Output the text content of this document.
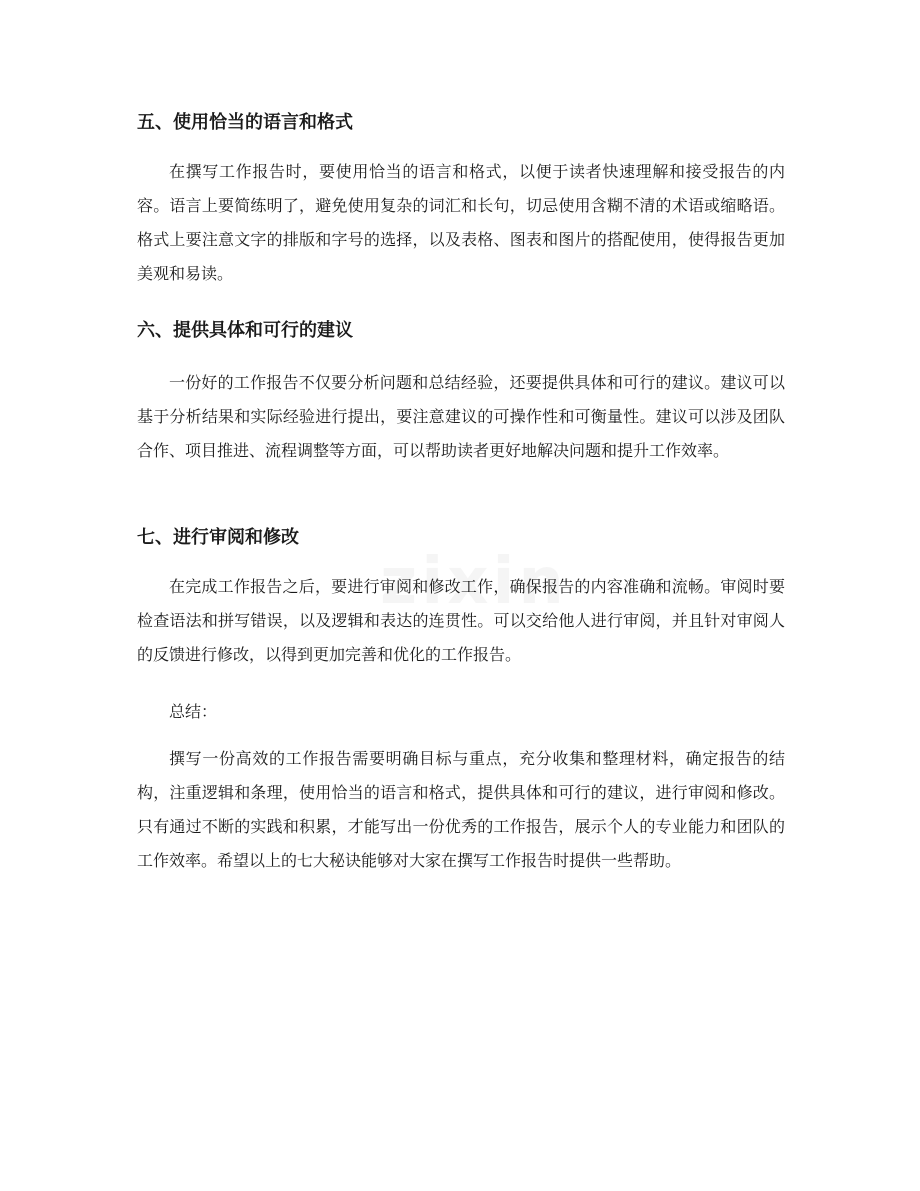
五、使用恰当的语言和格式

在撰写工作报告时，要使用恰当的语言和格式，以便于读者快速理解和接受报告的内容。语言上要简练明了，避免使用复杂的词汇和长句，切忌使用含糊不清的术语或缩略语。格式上要注意文字的排版和字号的选择，以及表格、图表和图片的搭配使用，使得报告更加美观和易读。

六、提供具体和可行的建议

一份好的工作报告不仅要分析问题和总结经验，还要提供具体和可行的建议。建议可以基于分析结果和实际经验进行提出，要注意建议的可操作性和可衡量性。建议可以涉及团队合作、项目推进、流程调整等方面，可以帮助读者更好地解决问题和提升工作效率。

七、进行审阅和修改

在完成工作报告之后，要进行审阅和修改工作，确保报告的内容准确和流畅。审阅时要检查语法和拼写错误，以及逻辑和表达的连贯性。可以交给他人进行审阅，并且针对审阅人的反馈进行修改，以得到更加完善和优化的工作报告。

总结：

撰写一份高效的工作报告需要明确目标与重点，充分收集和整理材料，确定报告的结构，注重逻辑和条理，使用恰当的语言和格式，提供具体和可行的建议，进行审阅和修改。只有通过不断的实践和积累，才能写出一份优秀的工作报告，展示个人的专业能力和团队的工作效率。希望以上的七大秘诀能够对大家在撰写工作报告时提供一些帮助。
